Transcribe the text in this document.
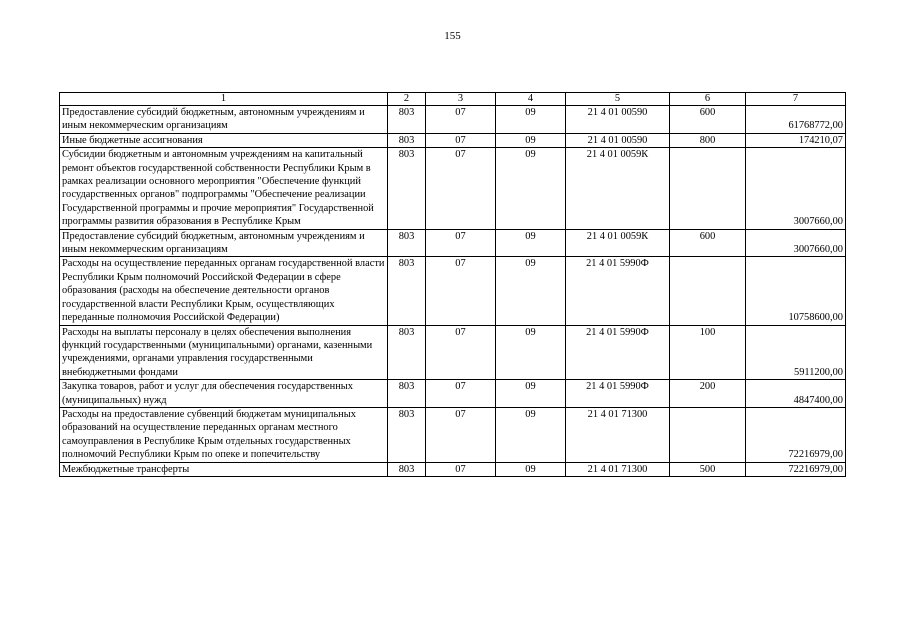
155
1	2	3	4	5	6	7
Предоставление субсидий бюджетным, автономным учреждениям и иным некоммерческим организациям	803	07	09	21 4 01 00590	600	61768772,00
Иные бюджетные ассигнования	803	07	09	21 4 01 00590	800	174210,07
Субсидии бюджетным и автономным учреждениям на капитальный ремонт объектов государственной собственности Республики Крым в рамках реализации основного мероприятия "Обеспечение функций государственных органов" подпрограммы "Обеспечение реализации Государственной программы и прочие мероприятия" Государственной программы развития образования в Республике Крым	803	07	09	21 4 01 0059К		3007660,00
Предоставление субсидий бюджетным, автономным учреждениям и иным некоммерческим организациям	803	07	09	21 4 01 0059К	600	3007660,00
Расходы на осуществление переданных органам государственной власти Республики Крым полномочий Российской Федерации в сфере образования (расходы на обеспечение деятельности органов государственной власти Республики Крым, осуществляющих переданные полномочия Российской Федерации)	803	07	09	21 4 01 5990Ф		10758600,00
Расходы на выплаты персоналу в целях обеспечения выполнения функций государственными (муниципальными) органами, казенными учреждениями, органами управления государственными внебюджетными фондами	803	07	09	21 4 01 5990Ф	100	5911200,00
Закупка товаров, работ и услуг для обеспечения государственных (муниципальных) нужд	803	07	09	21 4 01 5990Ф	200	4847400,00
Расходы на предоставление субвенций бюджетам муниципальных образований на осуществление переданных органам местного самоуправления в Республике Крым отдельных государственных полномочий Республики Крым по опеке и попечительству	803	07	09	21 4 01 71300		72216979,00
Межбюджетные трансферты	803	07	09	21 4 01 71300	500	72216979,00
